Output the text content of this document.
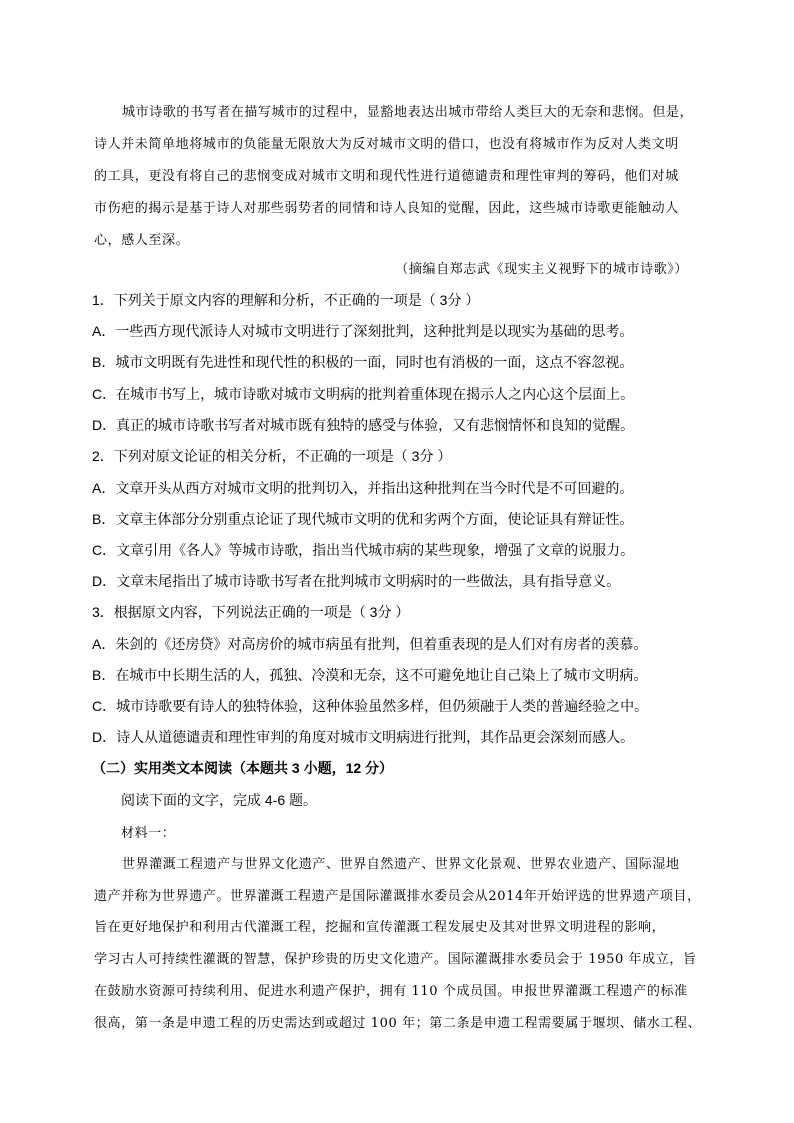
城市诗歌的书写者在描写城市的过程中，显豁地表达出城市带给人类巨大的无奈和悲悯。但是，
诗人并未简单地将城市的负能量无限放大为反对城市文明的借口，也没有将城市作为反对人类文明
的工具，更没有将自己的悲悯变成对城市文明和现代性进行道德谴责和理性审判的筹码，他们对城
市伤疤的揭示是基于诗人对那些弱势者的同情和诗人良知的觉醒，因此，这些城市诗歌更能触动人
心，感人至深。
（摘编自郑志武《现实主义视野下的城市诗歌》）
1．下列关于原文内容的理解和分析，不正确的一项是（ 3分 ）
A．一些西方现代派诗人对城市文明进行了深刻批判，这种批判是以现实为基础的思考。
B．城市文明既有先进性和现代性的积极的一面，同时也有消极的一面，这点不容忽视。
C．在城市书写上，城市诗歌对城市文明病的批判着重体现在揭示人之内心这个层面上。
D．真正的城市诗歌书写者对城市既有独特的感受与体验，又有悲悯情怀和良知的觉醒。
2．下列对原文论证的相关分析，不正确的一项是（ 3分 ）
A．文章开头从西方对城市文明的批判切入，并指出这种批判在当今时代是不可回避的。
B．文章主体部分分别重点论证了现代城市文明的优和劣两个方面，使论证具有辩证性。
C．文章引用《各人》等城市诗歌，指出当代城市病的某些现象，增强了文章的说服力。
D．文章末尾指出了城市诗歌书写者在批判城市文明病时的一些做法，具有指导意义。
3．根据原文内容，下列说法正确的一项是（ 3分 ）
A．朱剑的《还房贷》对高房价的城市病虽有批判，但着重表现的是人们对有房者的羡慕。
B．在城市中长期生活的人，孤独、冷漠和无奈，这不可避免地让自己染上了城市文明病。
C．城市诗歌要有诗人的独特体验，这种体验虽然多样，但仍须融于人类的普遍经验之中。
D．诗人从道德谴责和理性审判的角度对城市文明病进行批判，其作品更会深刻而感人。
（二）实用类文本阅读（本题共 3 小题，12 分）
阅读下面的文字，完成 4-6 题。
材料一：
世界灌溉工程遗产与世界文化遗产、世界自然遗产、世界文化景观、世界农业遗产、国际湿地
遗产并称为世界遗产。世界灌溉工程遗产是国际灌溉排水委员会从2014年开始评选的世界遗产项目，
旨在更好地保护和利用古代灌溉工程，挖掘和宣传灌溉工程发展史及其对世界文明进程的影响，
学习古人可持续性灌溉的智慧，保护珍贵的历史文化遗产。国际灌溉排水委员会于 1950 年成立，旨
在鼓励水资源可持续利用、促进水利遗产保护，拥有 110 个成员国。申报世界灌溉工程遗产的标准
很高，第一条是申遗工程的历史需达到或超过 100 年；第二条是申遗工程需要属于堰坝、储水工程、
